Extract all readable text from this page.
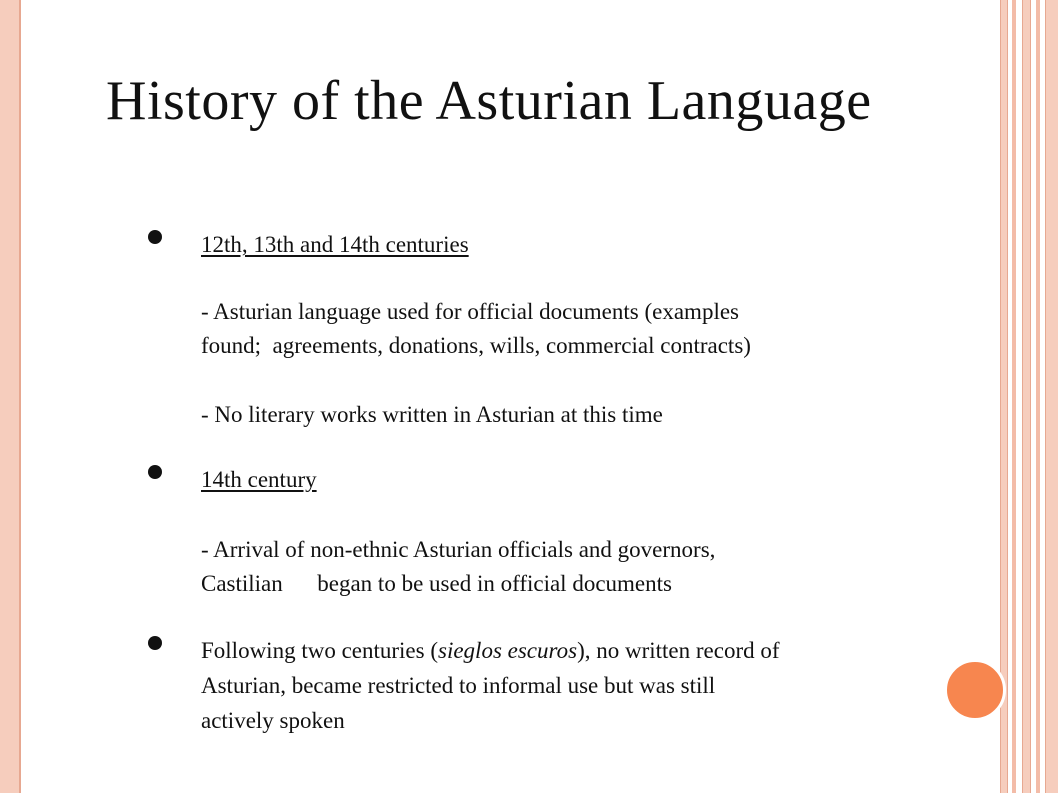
History of the Asturian Language
12th, 13th and 14th centuries
- Asturian language used for official documents (examples
found;  agreements, donations, wills, commercial contracts)
- No literary works written in Asturian at this time
14th century
- Arrival of non-ethnic Asturian officials and governors,
Castilian      began to be used in official documents
Following two centuries (sieglos escuros), no written record of
Asturian, became restricted to informal use but was still
actively spoken
